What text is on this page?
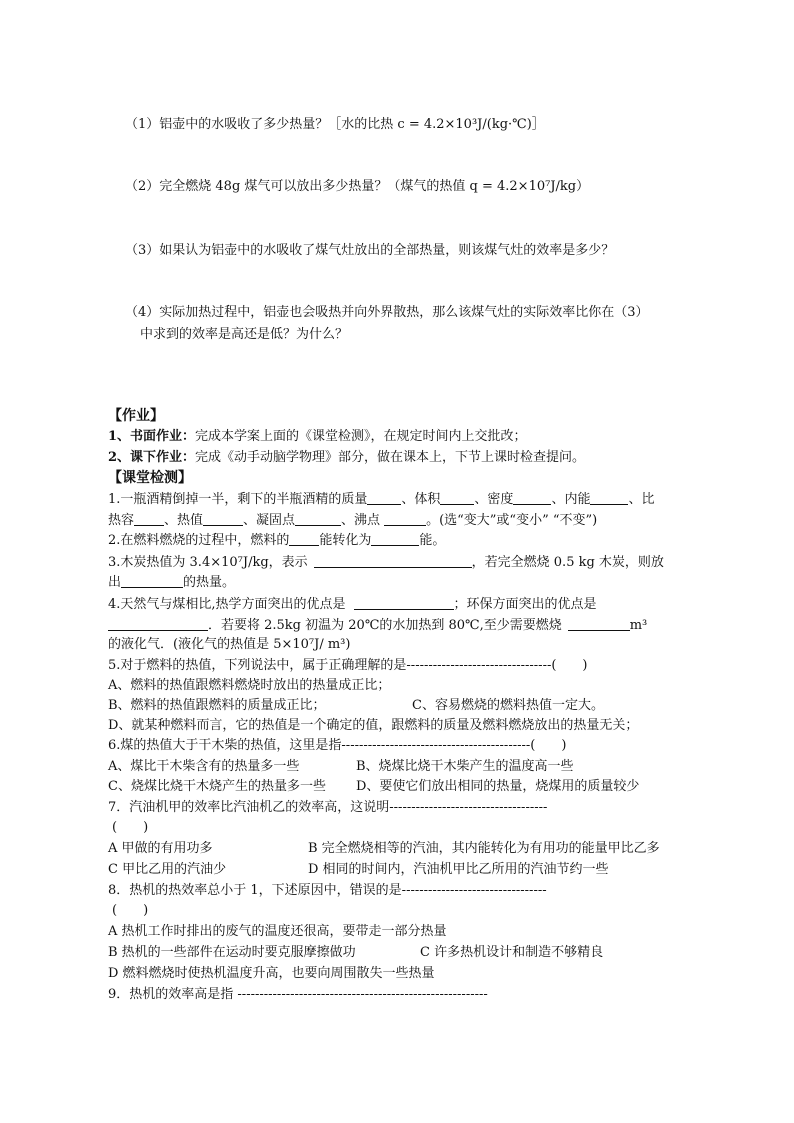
（1）铝壶中的水吸收了多少热量？［水的比热 c = 4.2×10³J/(kg·℃)］
（2）完全燃烧 48g 煤气可以放出多少热量？（煤气的热值 q = 4.2×10⁷J/kg）
（3）如果认为铝壶中的水吸收了煤气灶放出的全部热量，则该煤气灶的效率是多少？
（4）实际加热过程中，铝壶也会吸热并向外界散热，那么该煤气灶的实际效率比你在（3）
中求到的效率是高还是低？为什么？
【作业】
1、书面作业：完成本学案上面的《课堂检测》，在规定时间内上交批改；
2、课下作业：完成《动手动脑学物理》部分，做在课本上，下节上课时检查提问。
【课堂检测】
1.一瓶酒精倒掉一半，剩下的半瓶酒精的质量	、体积	、密度	、内能	、比
热容 、热值	、凝固点	、沸点	。(选“变大”或“变小” “不变”)
2.在燃料燃烧的过程中，燃料的 能转化为	能。
3.木炭热值为 3.4×10⁷J/kg，表示	，若完全燃烧 0.5 kg 木炭，则放
出	的热量。
4.天然气与煤相比,热学方面突出的优点是	；环保方面突出的优点是
．若要将 2.5kg 初温为 20℃的水加热到 80℃,至少需要燃烧	m³
的液化气．(液化气的热值是 5×10⁷J/ m³)
5.对于燃料的热值，下列说法中，属于正确理解的是---------------------------------(　　)
A、燃料的热值跟燃料燃烧时放出的热量成正比；
B、燃料的热值跟燃料的质量成正比；	C、容易燃烧的燃料热值一定大。
D、就某种燃料而言，它的热值是一个确定的值，跟燃料的质量及燃料燃烧放出的热量无关；
6.煤的热值大于干木柴的热值，这里是指-------------------------------------------(　　)
A、煤比干木柴含有的热量多一些	B、烧煤比烧干木柴产生的温度高一些
C、烧煤比烧干木烧产生的热量多一些 D、要使它们放出相同的热量，烧煤用的质量较少
7．汽油机甲的效率比汽油机乙的效率高，这说明------------------------------------
(　　)
A 甲做的有用功多	B 完全燃烧相等的汽油，其内能转化为有用功的能量甲比乙多
C 甲比乙用的汽油少	D 相同的时间内，汽油机甲比乙所用的汽油节约一些
8．热机的热效率总小于 1，下述原因中，错误的是---------------------------------
(　　)
A 热机工作时排出的废气的温度还很高，要带走一部分热量
B 热机的一些部件在运动时要克服摩擦做功	C 许多热机设计和制造不够精良
D 燃料燃烧时使热机温度升高，也要向周围散失一些热量
9．热机的效率高是指 ---------------------------------------------------------
